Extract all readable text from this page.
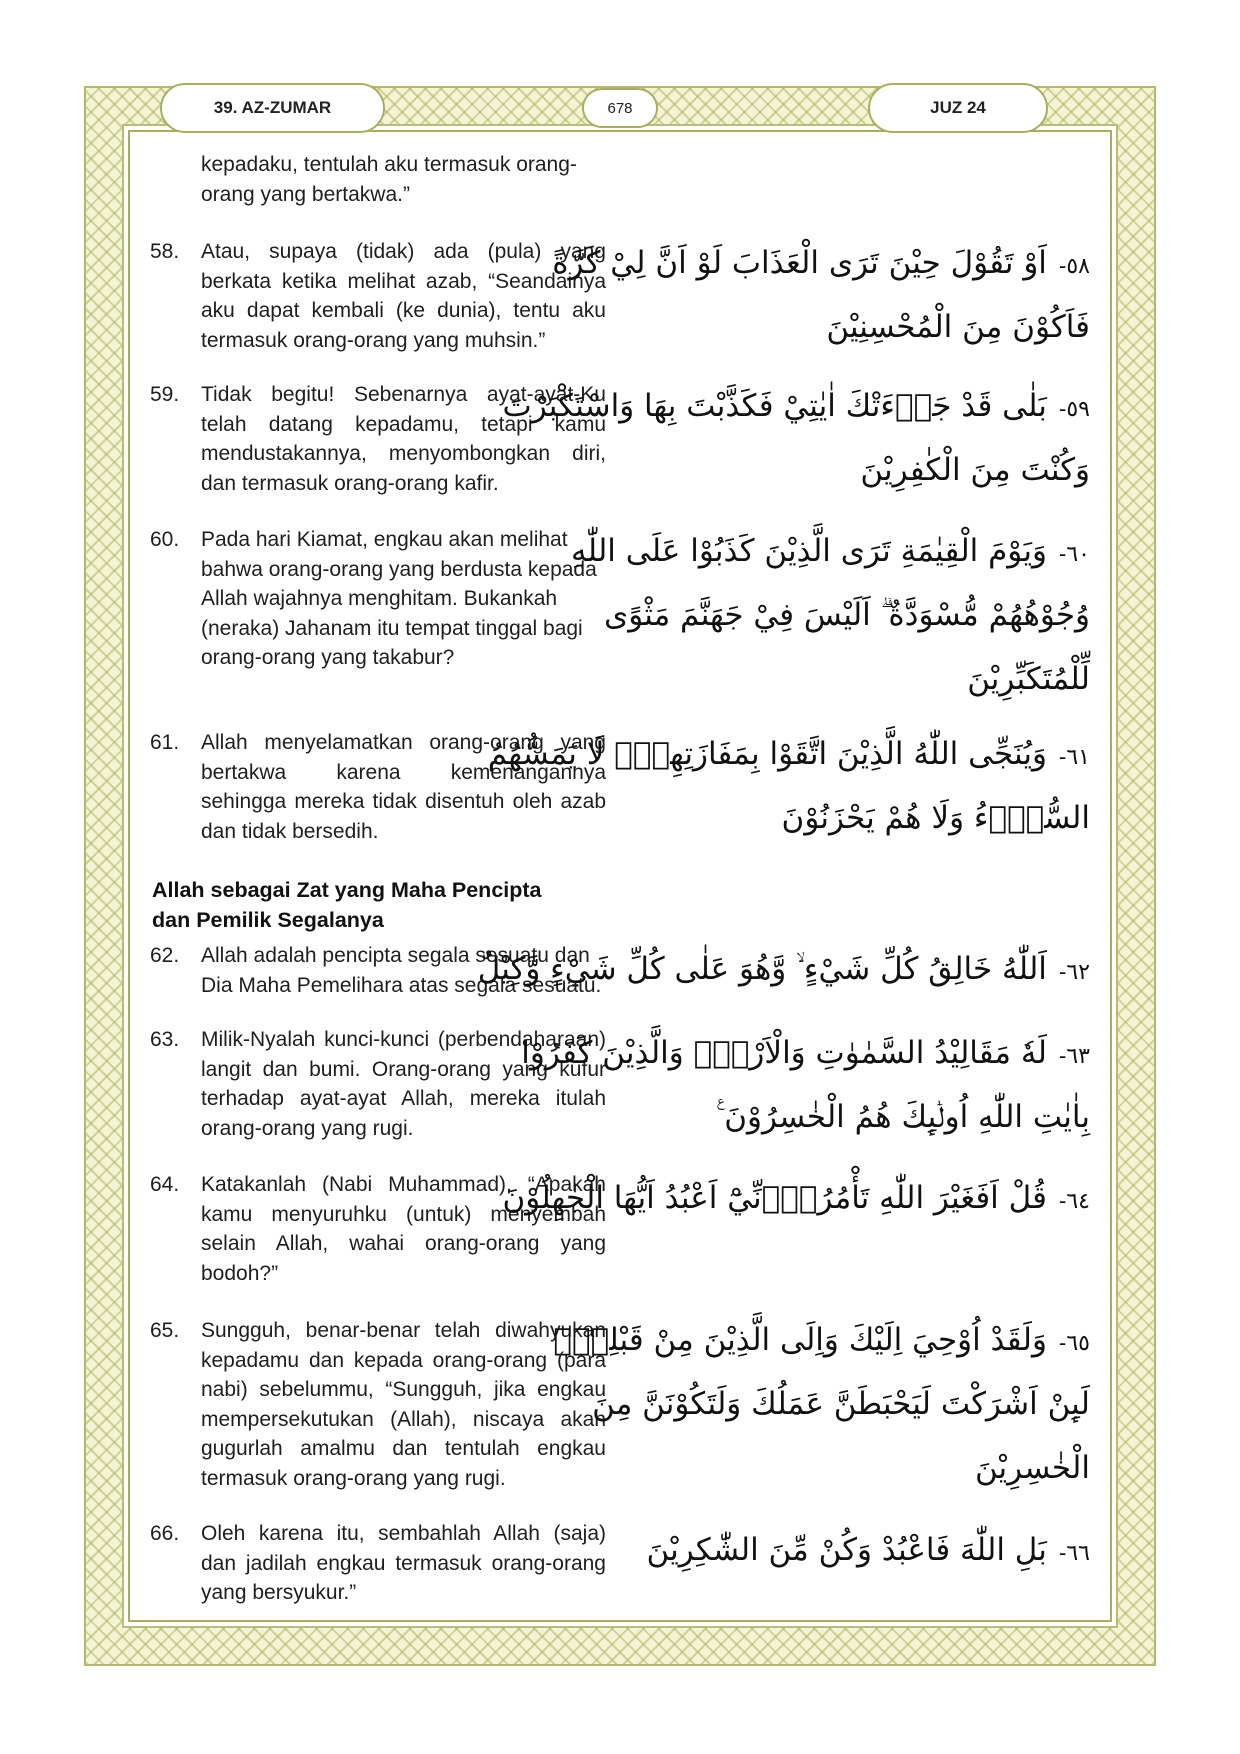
39. AZ-ZUMAR	678	JUZ 24
kepadaku, tentulah aku termasuk orang-orang yang bertakwa.”
58.	Atau, supaya (tidak) ada (pula) yang berkata ketika melihat azab, “Seandainya aku dapat kembali (ke dunia), tentu aku termasuk orang-orang yang muhsin.”
٥٨-اَوْ تَقُوْلَ حِيْنَ تَرَى الْعَذَابَ لَوْ اَنَّ لِيْ كَرَّةً
فَاَكُوْنَ مِنَ الْمُحْسِنِيْنَ
59.	Tidak begitu! Sebenarnya ayat-ayat-Ku telah datang kepadamu, tetapi kamu mendustakannya, menyombongkan diri, dan termasuk orang-orang kafir.
٥٩-بَلٰى قَدْ جَاۤءَتْكَ اٰيٰتِيْ فَكَذَّبْتَ بِهَا وَاسْتَكْبَرْتَ
وَكُنْتَ مِنَ الْكٰفِرِيْنَ
60.	Pada hari Kiamat, engkau akan melihat bahwa orang-orang yang berdusta kepada Allah wajahnya menghitam. Bukankah (neraka) Jahanam itu tempat tinggal bagi orang-orang yang takabur?
٦٠-وَيَوْمَ الْقِيٰمَةِ تَرَى الَّذِيْنَ كَذَبُوْا عَلَى اللّٰهِ
وُجُوْهُهُمْ مُّسْوَدَّةٌ ۗ اَلَيْسَ فِيْ جَهَنَّمَ مَثْوًى
لِّلْمُتَكَبِّرِيْنَ
61.	Allah menyelamatkan orang-orang yang bertakwa karena kemenangannya sehingga mereka tidak disentuh oleh azab dan tidak bersedih.
٦١-وَيُنَجِّى اللّٰهُ الَّذِيْنَ اتَّقَوْا بِمَفَازَتِهِمْۖ لَا يَمَسُّهُمُ
السُّوْۤءُ وَلَا هُمْ يَحْزَنُوْنَ
Allah sebagai Zat yang Maha Pencipta
dan Pemilik Segalanya
62.	Allah adalah pencipta segala sesuatu dan Dia Maha Pemelihara atas segala sesuatu.	٦٢-اَللّٰهُ خَالِقُ كُلِّ شَيْءٍ ۙ وَّهُوَ عَلٰى كُلِّ شَيْءٍ وَّكِيْلٌ
63.	Milik-Nyalah kunci-kunci (perbendaharaan) langit dan bumi. Orang-orang yang kufur terhadap ayat-ayat Allah, mereka itulah orang-orang yang rugi.
٦٣-لَهٗ مَقَالِيْدُ السَّمٰوٰتِ وَالْاَرْضِۗ وَالَّذِيْنَ كَفَرُوْا
بِاٰيٰتِ اللّٰهِ اُولٰۤىِٕكَ هُمُ الْخٰسِرُوْنَ ࣖ
64.	Katakanlah (Nabi Muhammad), “Apakah kamu menyuruhku (untuk) menyembah selain Allah, wahai orang-orang yang bodoh?”
٦٤-قُلْ اَفَغَيْرَ اللّٰهِ تَأْمُرُوْۤنِّيْٓ اَعْبُدُ اَيُّهَا الْجٰهِلُوْنَ
65.	Sungguh, benar-benar telah diwahyukan kepadamu dan kepada orang-orang (para nabi) sebelummu, “Sungguh, jika engkau mempersekutukan (Allah), niscaya akan gugurlah amalmu dan tentulah engkau termasuk orang-orang yang rugi.
٦٥-وَلَقَدْ اُوْحِيَ اِلَيْكَ وَاِلَى الَّذِيْنَ مِنْ قَبْلِكَۚ
لَىِٕنْ اَشْرَكْتَ لَيَحْبَطَنَّ عَمَلُكَ وَلَتَكُوْنَنَّ مِنَ
الْخٰسِرِيْنَ
66.	Oleh karena itu, sembahlah Allah (saja) dan jadilah engkau termasuk orang-orang yang bersyukur.”
٦٦-بَلِ اللّٰهَ فَاعْبُدْ وَكُنْ مِّنَ الشّٰكِرِيْنَ
